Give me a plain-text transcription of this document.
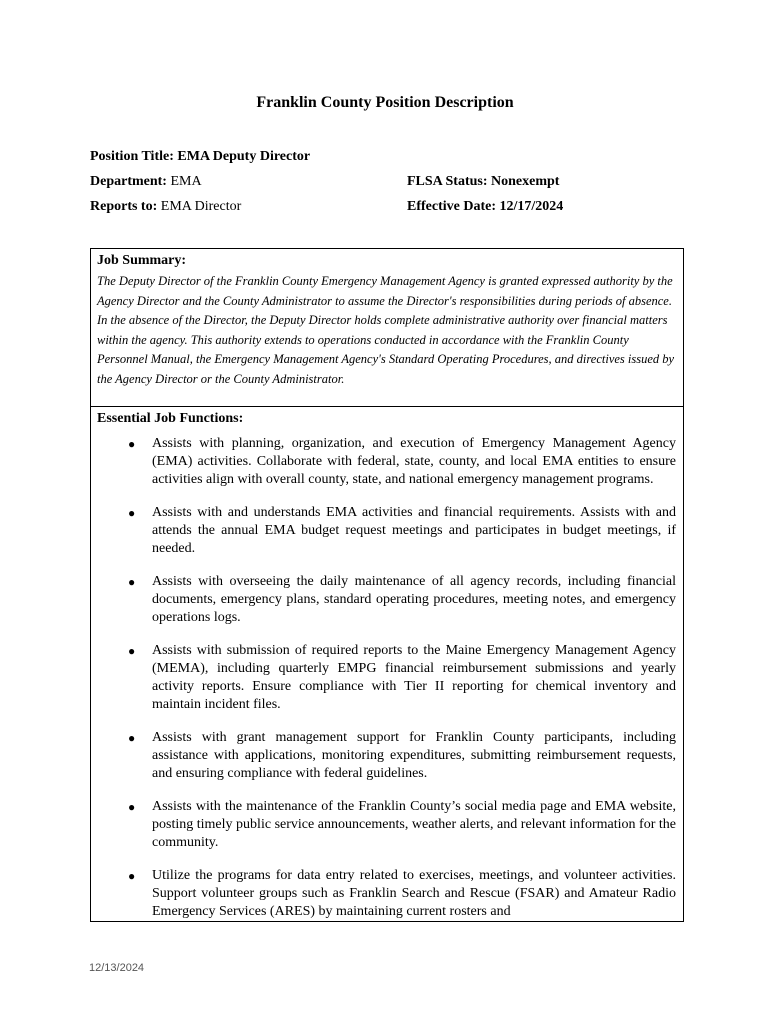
Franklin County Position Description
Position Title: EMA Deputy Director
Department: EMA
Reports to: EMA Director
FLSA Status: Nonexempt
Effective Date: 12/17/2024
Job Summary:
The Deputy Director of the Franklin County Emergency Management Agency is granted expressed authority by the Agency Director and the County Administrator to assume the Director's responsibilities during periods of absence. In the absence of the Director, the Deputy Director holds complete administrative authority over financial matters within the agency. This authority extends to operations conducted in accordance with the Franklin County Personnel Manual, the Emergency Management Agency's Standard Operating Procedures, and directives issued by the Agency Director or the County Administrator.
Essential Job Functions:
● Assists with planning, organization, and execution of Emergency Management Agency (EMA) activities. Collaborate with federal, state, county, and local EMA entities to ensure activities align with overall county, state, and national emergency management programs.
● Assists with and understands EMA activities and financial requirements. Assists with and attends the annual EMA budget request meetings and participates in budget meetings, if needed.
● Assists with overseeing the daily maintenance of all agency records, including financial documents, emergency plans, standard operating procedures, meeting notes, and emergency operations logs.
● Assists with submission of required reports to the Maine Emergency Management Agency (MEMA), including quarterly EMPG financial reimbursement submissions and yearly activity reports. Ensure compliance with Tier II reporting for chemical inventory and maintain incident files.
● Assists with grant management support for Franklin County participants, including assistance with applications, monitoring expenditures, submitting reimbursement requests, and ensuring compliance with federal guidelines.
● Assists with the maintenance of the Franklin County’s social media page and EMA website, posting timely public service announcements, weather alerts, and relevant information for the community.
● Utilize the programs for data entry related to exercises, meetings, and volunteer activities. Support volunteer groups such as Franklin Search and Rescue (FSAR) and Amateur Radio Emergency Services (ARES) by maintaining current rosters and
12/13/2024
